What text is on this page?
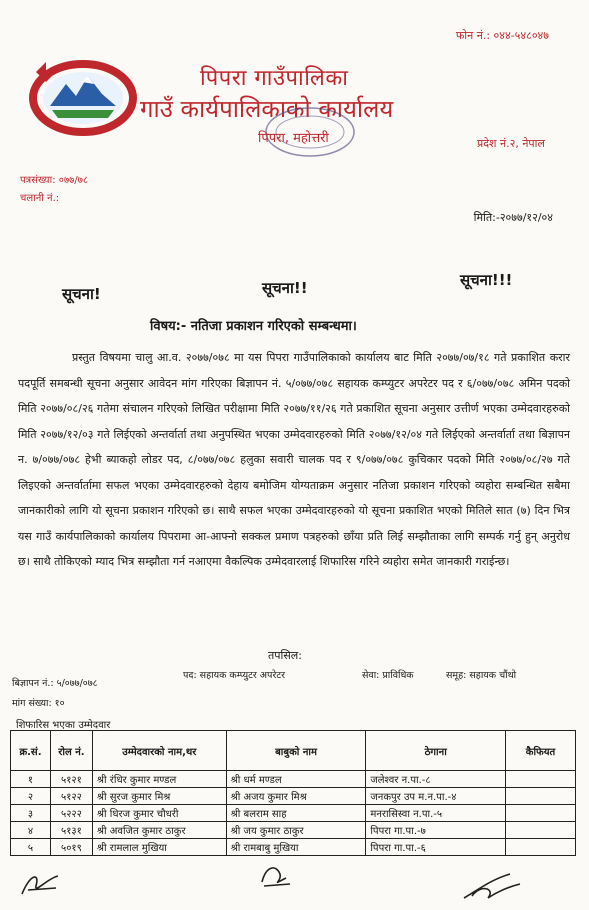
फोन नं.: ०४४-५४८०४७
पिपरा गाउँपालिका
गाउँ कार्यपालिकाको कार्यालय
पिपरा, महोत्तरी	प्रदेश नं.२, नेपाल
पत्रसंख्या: ०७७/७८
चलानी नं.:
मिति:-२०७७/१२/०४
सूचना!	सूचना!!	सूचना!!!
विषय:- नतिजा प्रकाशन गरिएको सम्बन्धमा।

प्रस्तुत विषयमा चालु आ.व. २०७७/०७८ मा यस पिपरा गाउँपालिकाको कार्यालय बाट मिति २०७७/०७/१८ गते प्रकाशित करार पदपूर्ति समबन्धी सूचना अनुसार आवेदन मांग गरिएका बिज्ञापन नं. ५/०७७/०७८ सहायक कम्प्युटर अपरेटर पद र ६/०७७/०७८ अमिन पदको मिति २०७७/०८/२६ गतेमा संचालन गरिएको लिखित परीक्षामा मिति २०७७/११/२६ गते प्रकाशित सूचना अनुसार उत्तीर्ण भएका उम्मेदवारहरुको मिति २०७७/१२/०३ गते लिईएको अन्तर्वार्ता तथा अनुपस्थित भएका उम्मेदवारहरुको मिति २०७७/१२/०४ गते लिईएको अन्तर्वार्ता तथा बिज्ञापन न. ७/०७७/०७८ हेभी ब्याकहो लोडर पद, ८/०७७/०७८ हलुका सवारी चालक पद र ९/०७७/०७८ कुचिकार पदको मिति २०७७/०८/२७ गते लिइएको अन्तर्वार्तामा सफल भएका उम्मेदवारहरुको देहाय बमोजिम योग्यताक्रम अनुसार नतिजा प्रकाशन गरिएको व्यहोरा सम्बन्धित सबैमा जानकारीको लागि यो सूचना प्रकाशन गरिएको छ। साथै सफल भएका उम्मेदवारहरुको यो सूचना प्रकाशित भएको मितिले सात (७) दिन भित्र यस गाउँ कार्यपालिकाको कार्यालय पिपरामा आ-आफ्नो सक्कल प्रमाण पत्रहरुको छाँया प्रति लिई सम्झौताका लागि सम्पर्क गर्नु हुन् अनुरोध छ। साथै तोकिएको म्याद भित्र सम्झौता गर्न नआएमा वैकल्पिक उम्मेदवारलाई शिफारिस गरिने व्यहोरा समेत जानकारी गराईन्छ।

तपसिल:
बिज्ञापन नं.: ५/०७७/०७८
पद: सहायक कम्प्युटर अपरेटर	सेवा: प्राविधिक	समूह: सहायक चौंथो
मांग संख्या: १०
शिफारिस भएका उम्मेदवार
क्र.सं.	रोल नं.	उम्मेदवारको नाम,थर	बाबुको नाम	ठेगाना	कैफियत
१	५१२१	श्री रंधिर कुमार मण्डल	श्री धर्म मण्डल	जलेश्वर न.पा.-८	
२	५१२२	श्री सुरज कुमार मिश्र	श्री अजय कुमार मिश्र	जनकपुर उप म.न.पा.-४	
३	५२२२	श्री धिरज कुमार चौधरी	श्री बलराम साह	मनरासिस्वा न.पा.-५	
४	५१३१	श्री अवजित कुमार ठाकुर	श्री जय कुमार ठाकुर	पिपरा गा.पा.-७	
५	५०१९	श्री रामलाल मुखिया	श्री रामबाबु मुखिया	पिपरा गा.पा.-६	
